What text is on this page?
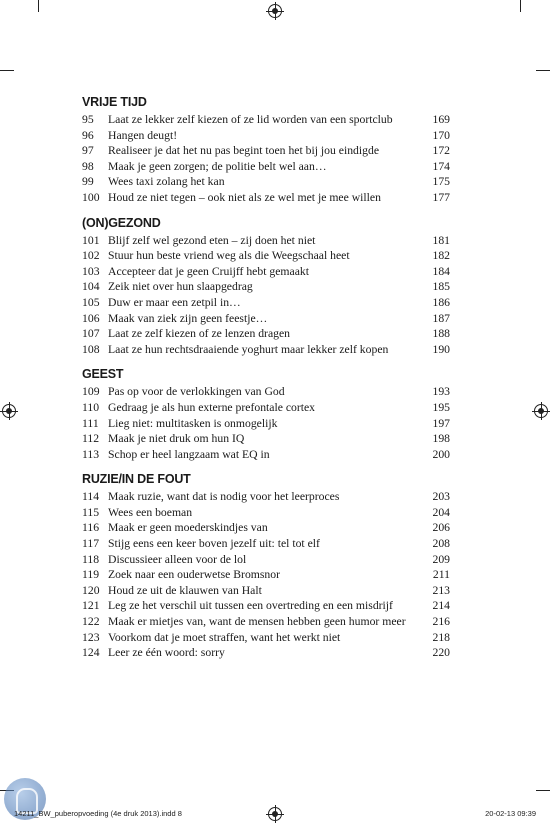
VRIJE TIJD
95	Laat ze lekker zelf kiezen of ze lid worden van een sportclub	169
96	Hangen deugt!	170
97	Realiseer je dat het nu pas begint toen het bij jou eindigde	172
98	Maak je geen zorgen; de politie belt wel aan…	174
99	Wees taxi zolang het kan	175
100 Houd ze niet tegen – ook niet als ze wel met je mee willen	177
(ON)GEZOND
101 Blijf zelf wel gezond eten – zij doen het niet	181
102 Stuur hun beste vriend weg als die Weegschaal heet	182
103 Accepteer dat je geen Cruijff hebt gemaakt	184
104 Zeik niet over hun slaapgedrag	185
105 Duw er maar een zetpil in…	186
106 Maak van ziek zijn geen feestje…	187
107 Laat ze zelf kiezen of ze lenzen dragen	188
108 Laat ze hun rechtsdraaiende yoghurt maar lekker zelf kopen	190
GEEST
109 Pas op voor de verlokkingen van God	193
110 Gedraag je als hun externe prefontale cortex	195
111 Lieg niet: multitasken is onmogelijk	197
112 Maak je niet druk om hun IQ	198
113 Schop er heel langzaam wat EQ in	200
RUZIE/IN DE FOUT
114 Maak ruzie, want dat is nodig voor het leerproces	203
115 Wees een boeman	204
116 Maak er geen moederskindjes van	206
117 Stijg eens een keer boven jezelf uit: tel tot elf	208
118 Discussieer alleen voor de lol	209
119 Zoek naar een ouderwetse Bromsnor	211
120 Houd ze uit de klauwen van Halt	213
121 Leg ze het verschil uit tussen een overtreding en een misdrijf	214
122 Maak er mietjes van, want de mensen hebben geen humor meer	216
123 Voorkom dat je moet straffen, want het werkt niet	218
124 Leer ze één woord: sorry	220
14211_BW_puberopvoeding (4e druk 2013).indd 8	20-02-13 09:39
